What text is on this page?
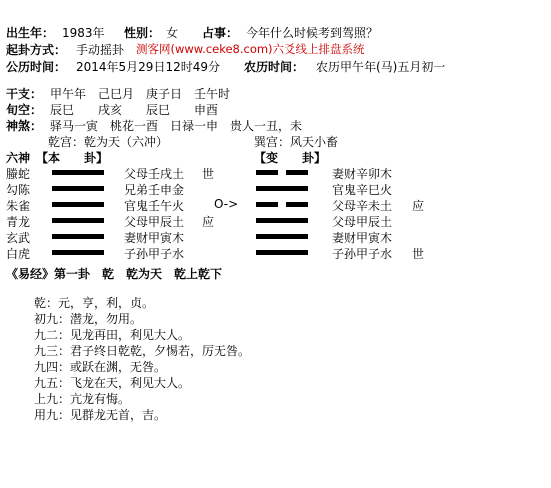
出生年： 1983年 性别： 女 占事： 今年什么时候考到驾照？
起卦方式： 手动摇卦 测客网(www.ceke8.com)六爻线上排盘系统
公历时间： 2014年5月29日12时49分 农历时间： 农历甲午年(马)五月初一
干支： 甲午年　己巳月　庚子日　壬午时
旬空： 辰巳　　戌亥　　辰巳　　申酉
神煞： 驿马一寅　桃花一酉　日禄一申　贵人一丑，未
乾宫：乾为天（六冲）	巽宫：风天小畜
六神 【本　　卦】	【变　　卦】
螣蛇	父母壬戌土 世	妻财辛卯木
勾陈	兄弟壬申金	官鬼辛巳火
朱雀	官鬼壬午火 O->	父母辛未土 应
青龙	父母甲辰土 应	父母甲辰土
玄武	妻财甲寅木	妻财甲寅木
白虎	子孙甲子水	子孙甲子水 世
《易经》第一卦　乾　乾为天　乾上乾下
乾：元，亨，利，贞。
初九：潜龙，勿用。
九二：见龙再田，利见大人。
九三：君子终日乾乾，夕惕若，厉无咎。
九四：或跃在渊，无咎。
九五：飞龙在天，利见大人。
上九：亢龙有悔。
用九：见群龙无首，吉。
